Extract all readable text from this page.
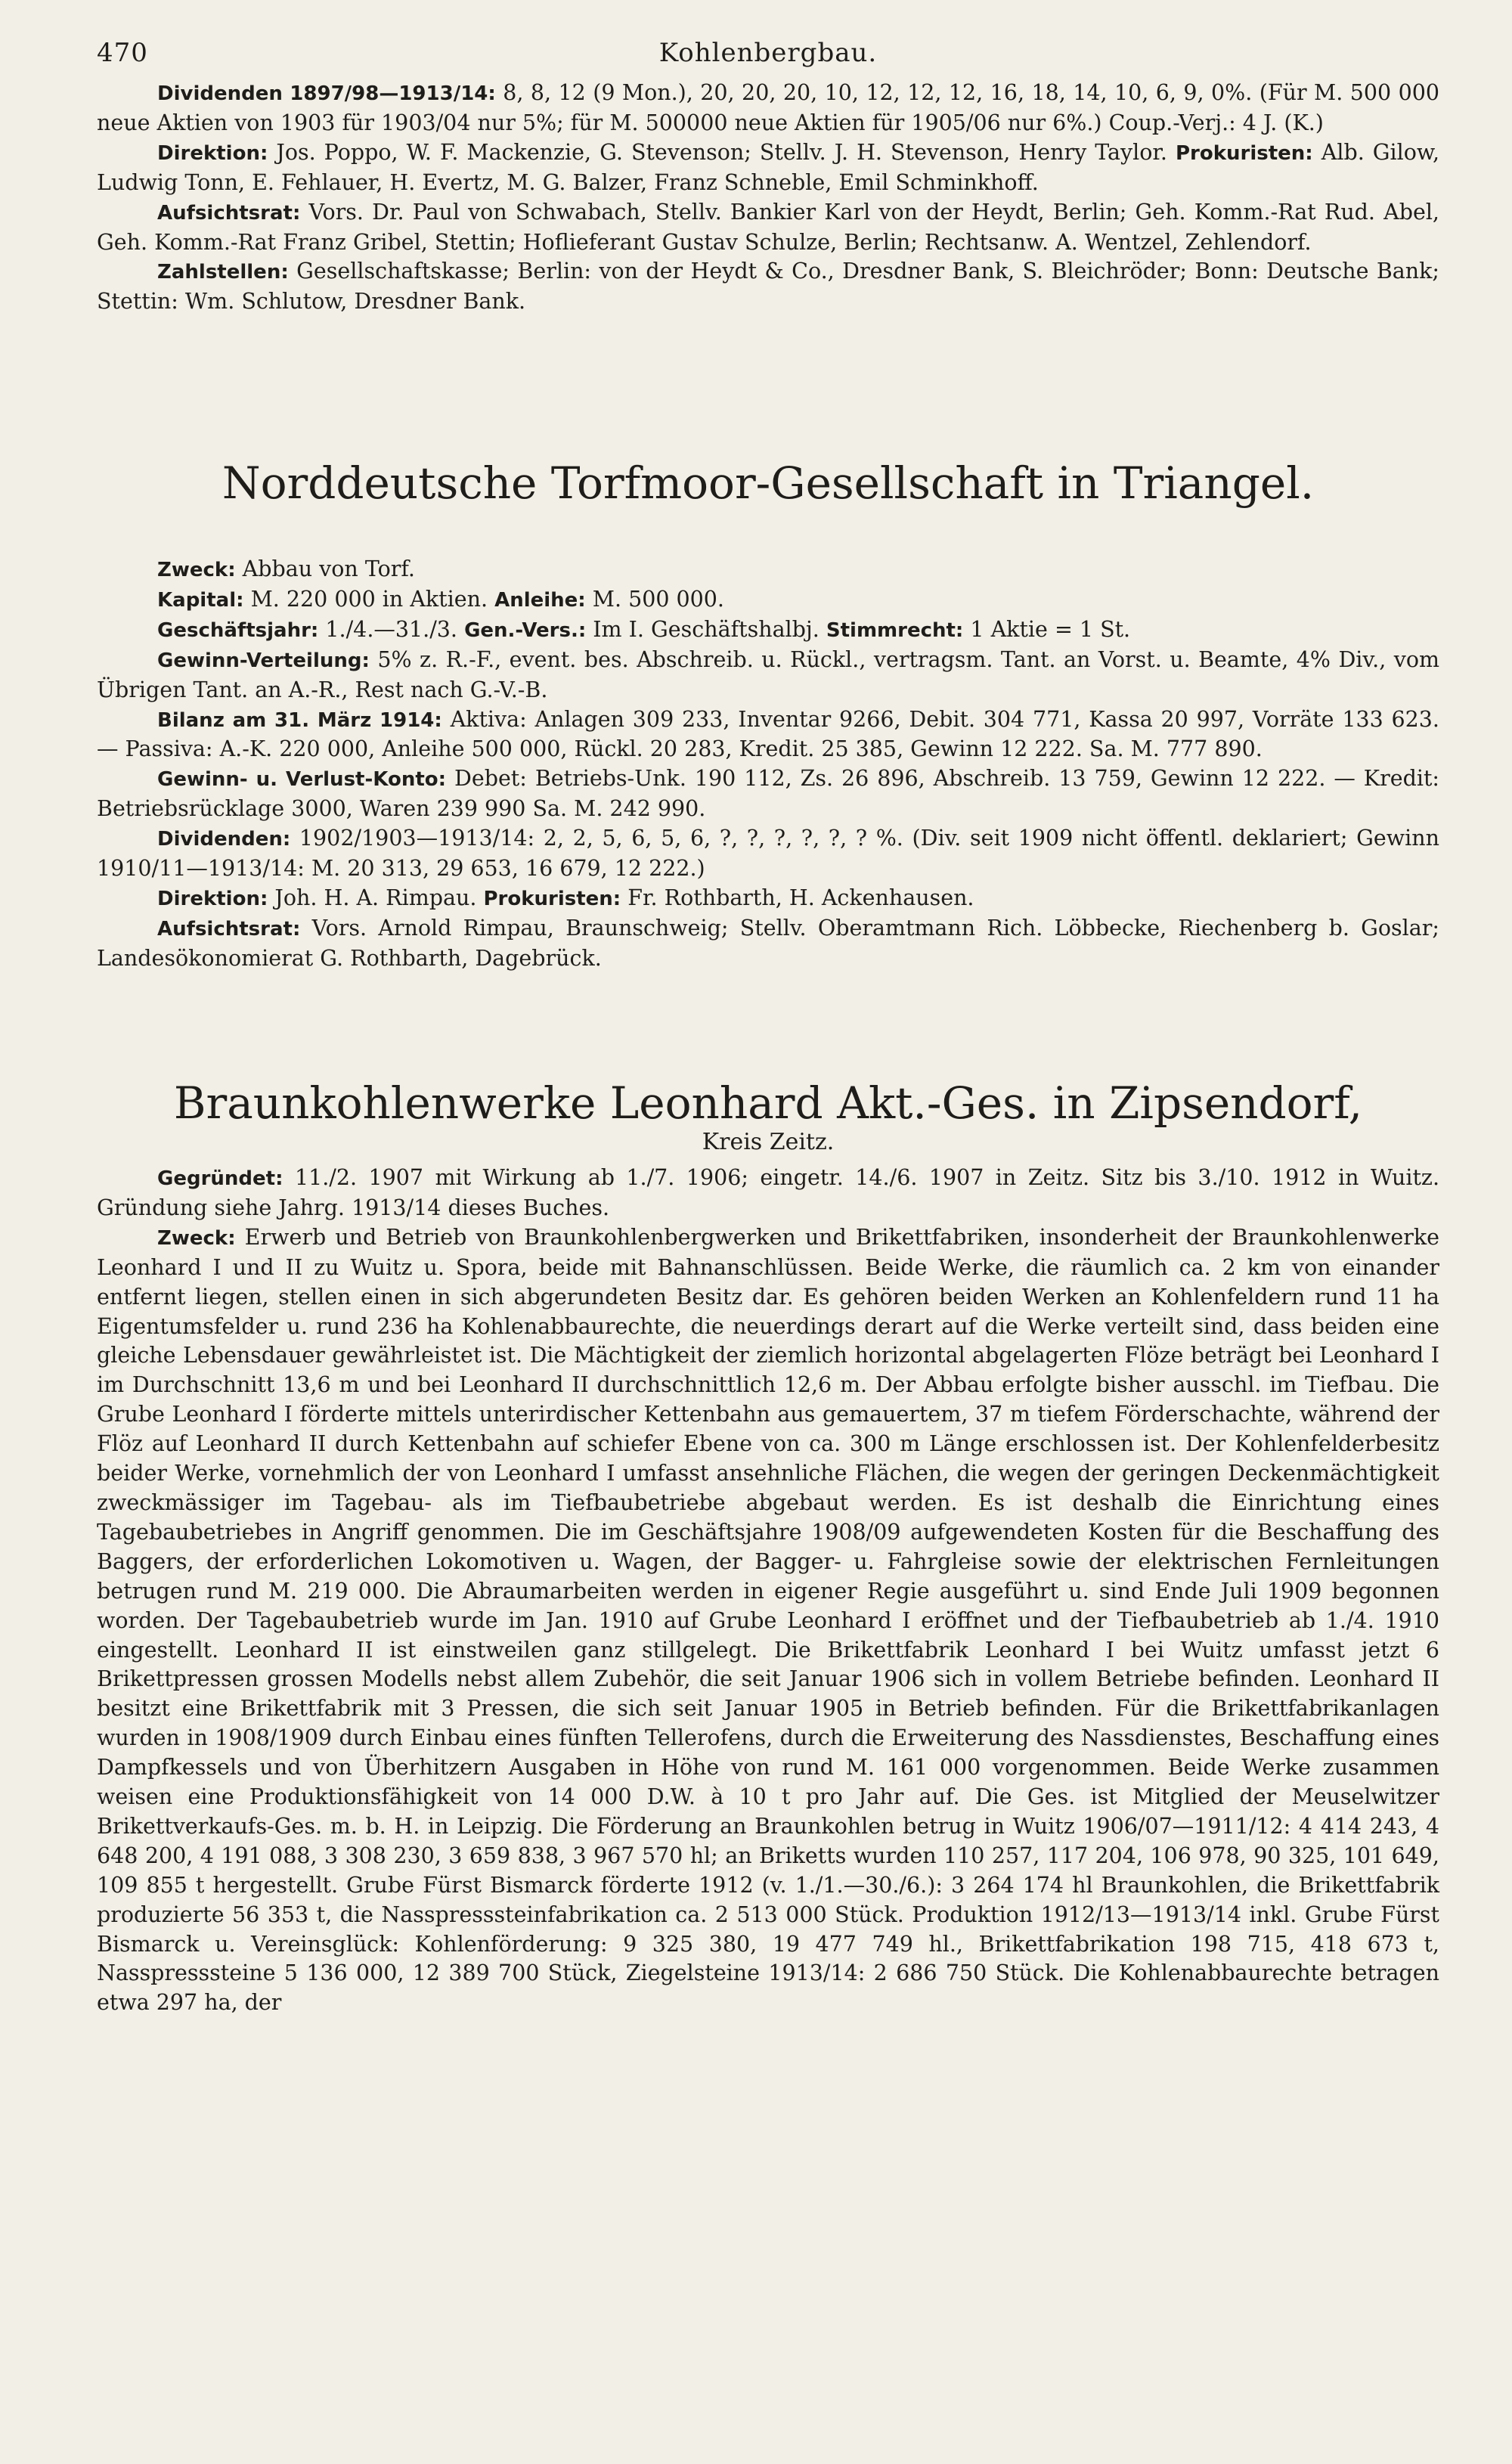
470	Kohlenbergbau.

Dividenden 1897/98—1913/14: 8, 8, 12 (9 Mon.), 20, 20, 20, 10, 12, 12, 12, 16, 18, 14, 10, 6, 9, 0%. (Für M. 500 000 neue Aktien von 1903 für 1903/04 nur 5%; für M. 500000 neue Aktien für 1905/06 nur 6%.) Coup.-Verj.: 4 J. (K.)

Direktion: Jos. Poppo, W. F. Mackenzie, G. Stevenson; Stellv. J. H. Stevenson, Henry Taylor. Prokuristen: Alb. Gilow, Ludwig Tonn, E. Fehlauer, H. Evertz, M. G. Balzer, Franz Schneble, Emil Schminkhoff.

Aufsichtsrat: Vors. Dr. Paul von Schwabach, Stellv. Bankier Karl von der Heydt, Berlin; Geh. Komm.-Rat Rud. Abel, Geh. Komm.-Rat Franz Gribel, Stettin; Hoflieferant Gustav Schulze, Berlin; Rechtsanw. A. Wentzel, Zehlendorf.

Zahlstellen: Gesellschaftskasse; Berlin: von der Heydt & Co., Dresdner Bank, S. Bleichröder; Bonn: Deutsche Bank; Stettin: Wm. Schlutow, Dresdner Bank.

Norddeutsche Torfmoor-Gesellschaft in Triangel.

Zweck: Abbau von Torf.

Kapital: M. 220 000 in Aktien. Anleihe: M. 500 000.

Geschäftsjahr: 1./4.—31./3. Gen.-Vers.: Im I. Geschäftshalbj. Stimmrecht: 1 Aktie = 1 St.

Gewinn-Verteilung: 5% z. R.-F., event. bes. Abschreib. u. Rückl., vertragsm. Tant. an Vorst. u. Beamte, 4% Div., vom Übrigen Tant. an A.-R., Rest nach G.-V.-B.

Bilanz am 31. März 1914: Aktiva: Anlagen 309 233, Inventar 9266, Debit. 304 771, Kassa 20 997, Vorräte 133 623. — Passiva: A.-K. 220 000, Anleihe 500 000, Rückl. 20 283, Kredit. 25 385, Gewinn 12 222. Sa. M. 777 890.

Gewinn- u. Verlust-Konto: Debet: Betriebs-Unk. 190 112, Zs. 26 896, Abschreib. 13 759, Gewinn 12 222. — Kredit: Betriebsrücklage 3000, Waren 239 990 Sa. M. 242 990.

Dividenden: 1902/1903—1913/14: 2, 2, 5, 6, 5, 6, ?, ?, ?, ?, ?, ? %. (Div. seit 1909 nicht öffentl. deklariert; Gewinn 1910/11—1913/14: M. 20 313, 29 653, 16 679, 12 222.)

Direktion: Joh. H. A. Rimpau. Prokuristen: Fr. Rothbarth, H. Ackenhausen.

Aufsichtsrat: Vors. Arnold Rimpau, Braunschweig; Stellv. Oberamtmann Rich. Löbbecke, Riechenberg b. Goslar; Landesökonomierat G. Rothbarth, Dagebrück.

Braunkohlenwerke Leonhard Akt.-Ges. in Zipsendorf,

Kreis Zeitz.

Gegründet: 11./2. 1907 mit Wirkung ab 1./7. 1906; eingetr. 14./6. 1907 in Zeitz. Sitz bis 3./10. 1912 in Wuitz. Gründung siehe Jahrg. 1913/14 dieses Buches.

Zweck: Erwerb und Betrieb von Braunkohlenbergwerken und Brikettfabriken, insonderheit der Braunkohlenwerke Leonhard I und II zu Wuitz u. Spora, beide mit Bahnanschlüssen. Beide Werke, die räumlich ca. 2 km von einander entfernt liegen, stellen einen in sich abgerundeten Besitz dar. Es gehören beiden Werken an Kohlenfeldern rund 11 ha Eigentumsfelder u. rund 236 ha Kohlenabbaurechte, die neuerdings derart auf die Werke verteilt sind, dass beiden eine gleiche Lebensdauer gewährleistet ist. Die Mächtigkeit der ziemlich horizontal abgelagerten Flöze beträgt bei Leonhard I im Durchschnitt 13,6 m und bei Leonhard II durchschnittlich 12,6 m. Der Abbau erfolgte bisher ausschl. im Tiefbau. Die Grube Leonhard I förderte mittels unterirdischer Kettenbahn aus gemauertem, 37 m tiefem Förderschachte, während der Flöz auf Leonhard II durch Kettenbahn auf schiefer Ebene von ca. 300 m Länge erschlossen ist. Der Kohlenfelderbesitz beider Werke, vornehmlich der von Leonhard I umfasst ansehnliche Flächen, die wegen der geringen Deckenmächtigkeit zweckmässiger im Tagebau- als im Tiefbaubetriebe abgebaut werden. Es ist deshalb die Einrichtung eines Tagebaubetriebes in Angriff genommen. Die im Geschäftsjahre 1908/09 aufgewendeten Kosten für die Beschaffung des Baggers, der erforderlichen Lokomotiven u. Wagen, der Bagger- u. Fahrgleise sowie der elektrischen Fernleitungen betrugen rund M. 219 000. Die Abraumarbeiten werden in eigener Regie ausgeführt u. sind Ende Juli 1909 begonnen worden. Der Tagebaubetrieb wurde im Jan. 1910 auf Grube Leonhard I eröffnet und der Tiefbaubetrieb ab 1./4. 1910 eingestellt. Leonhard II ist einstweilen ganz stillgelegt. Die Brikettfabrik Leonhard I bei Wuitz umfasst jetzt 6 Brikettpressen grossen Modells nebst allem Zubehör, die seit Januar 1906 sich in vollem Betriebe befinden. Leonhard II besitzt eine Brikettfabrik mit 3 Pressen, die sich seit Januar 1905 in Betrieb befinden. Für die Brikettfabrikanlagen wurden in 1908/1909 durch Einbau eines fünften Tellerofens, durch die Erweiterung des Nassdienstes, Beschaffung eines Dampfkessels und von Überhitzern Ausgaben in Höhe von rund M. 161 000 vorgenommen. Beide Werke zusammen weisen eine Produktionsfähigkeit von 14 000 D.W. à 10 t pro Jahr auf. Die Ges. ist Mitglied der Meuselwitzer Brikettverkaufs-Ges. m. b. H. in Leipzig. Die Förderung an Braunkohlen betrug in Wuitz 1906/07—1911/12: 4 414 243, 4 648 200, 4 191 088, 3 308 230, 3 659 838, 3 967 570 hl; an Briketts wurden 110 257, 117 204, 106 978, 90 325, 101 649, 109 855 t hergestellt. Grube Fürst Bismarck förderte 1912 (v. 1./1.—30./6.): 3 264 174 hl Braunkohlen, die Brikettfabrik produzierte 56 353 t, die Nasspresssteinfabrikation ca. 2 513 000 Stück. Produktion 1912/13—1913/14 inkl. Grube Fürst Bismarck u. Vereinsglück: Kohlenförderung: 9 325 380, 19 477 749 hl., Brikettfabrikation 198 715, 418 673 t, Nasspresssteine 5 136 000, 12 389 700 Stück, Ziegelsteine 1913/14: 2 686 750 Stück. Die Kohlenabbaurechte betragen etwa 297 ha, der
